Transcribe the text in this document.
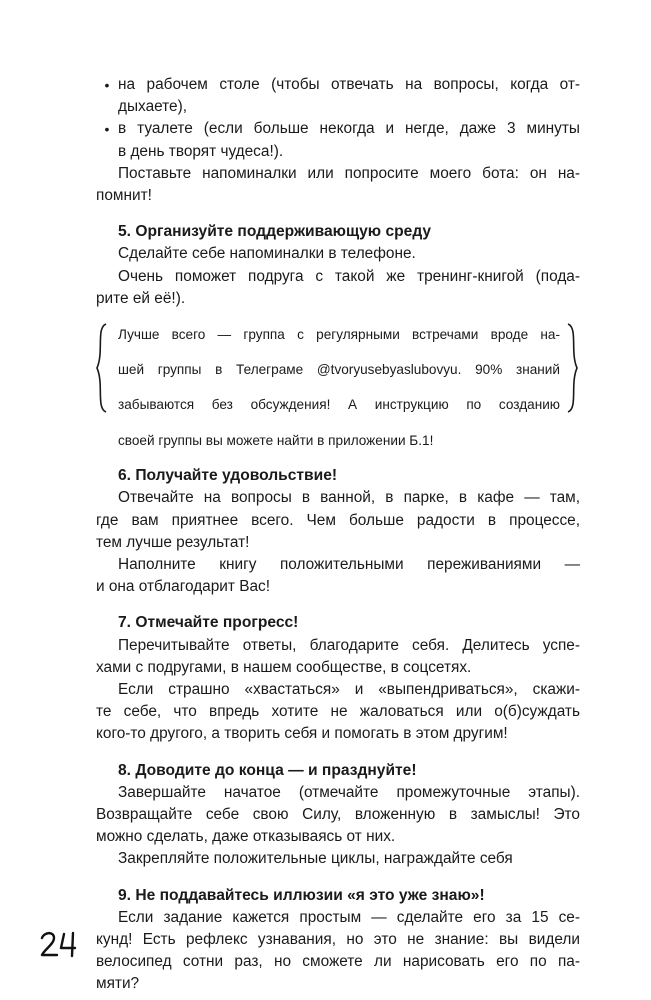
• на рабочем столе (чтобы отвечать на вопросы, когда от-

дыхаете),

• в туалете (если больше некогда и негде, даже 3 минуты

в день творят чудеса!).

Поставьте напоминалки или попросите моего бота: он на-

помнит!

5. Организуйте поддерживающую среду

Сделайте себе напоминалки в телефоне.

Очень поможет подруга с такой же тренинг-книгой (пода-

рите ей её!).

Лучше всего — группа с регулярными встречами вроде на-

шей группы в Телеграме @tvoryusebyaslubovyu. 90% знаний

забываются без обсуждения! А инструкцию по созданию

своей группы вы можете найти в приложении Б.1!

6. Получайте удовольствие!

Отвечайте на вопросы в ванной, в парке, в кафе — там,

где вам приятнее всего. Чем больше радости в процессе,

тем лучше результат!

Наполните книгу положительными переживаниями —

и она отблагодарит Вас!

7. Отмечайте прогресс!

Перечитывайте ответы, благодарите себя. Делитесь успе-

хами с подругами, в нашем сообществе, в соцсетях.

Если страшно «хвастаться» и «выпендриваться», скажи-

те себе, что впредь хотите не жаловаться или о(б)суждать

кого-то другого, а творить себя и помогать в этом другим!

8. Доводите до конца — и празднуйте!

Завершайте начатое (отмечайте промежуточные этапы).

Возвращайте себе свою Силу, вложенную в замыслы! Это

можно сделать, даже отказываясь от них.

Закрепляйте положительные циклы, награждайте себя

9. Не поддавайтесь иллюзии «я это уже знаю»!

Если задание кажется простым — сделайте его за 15 се-

кунд! Есть рефлекс узнавания, но это не знание: вы видели

велосипед сотни раз, но сможете ли нарисовать его по па-

мяти?
